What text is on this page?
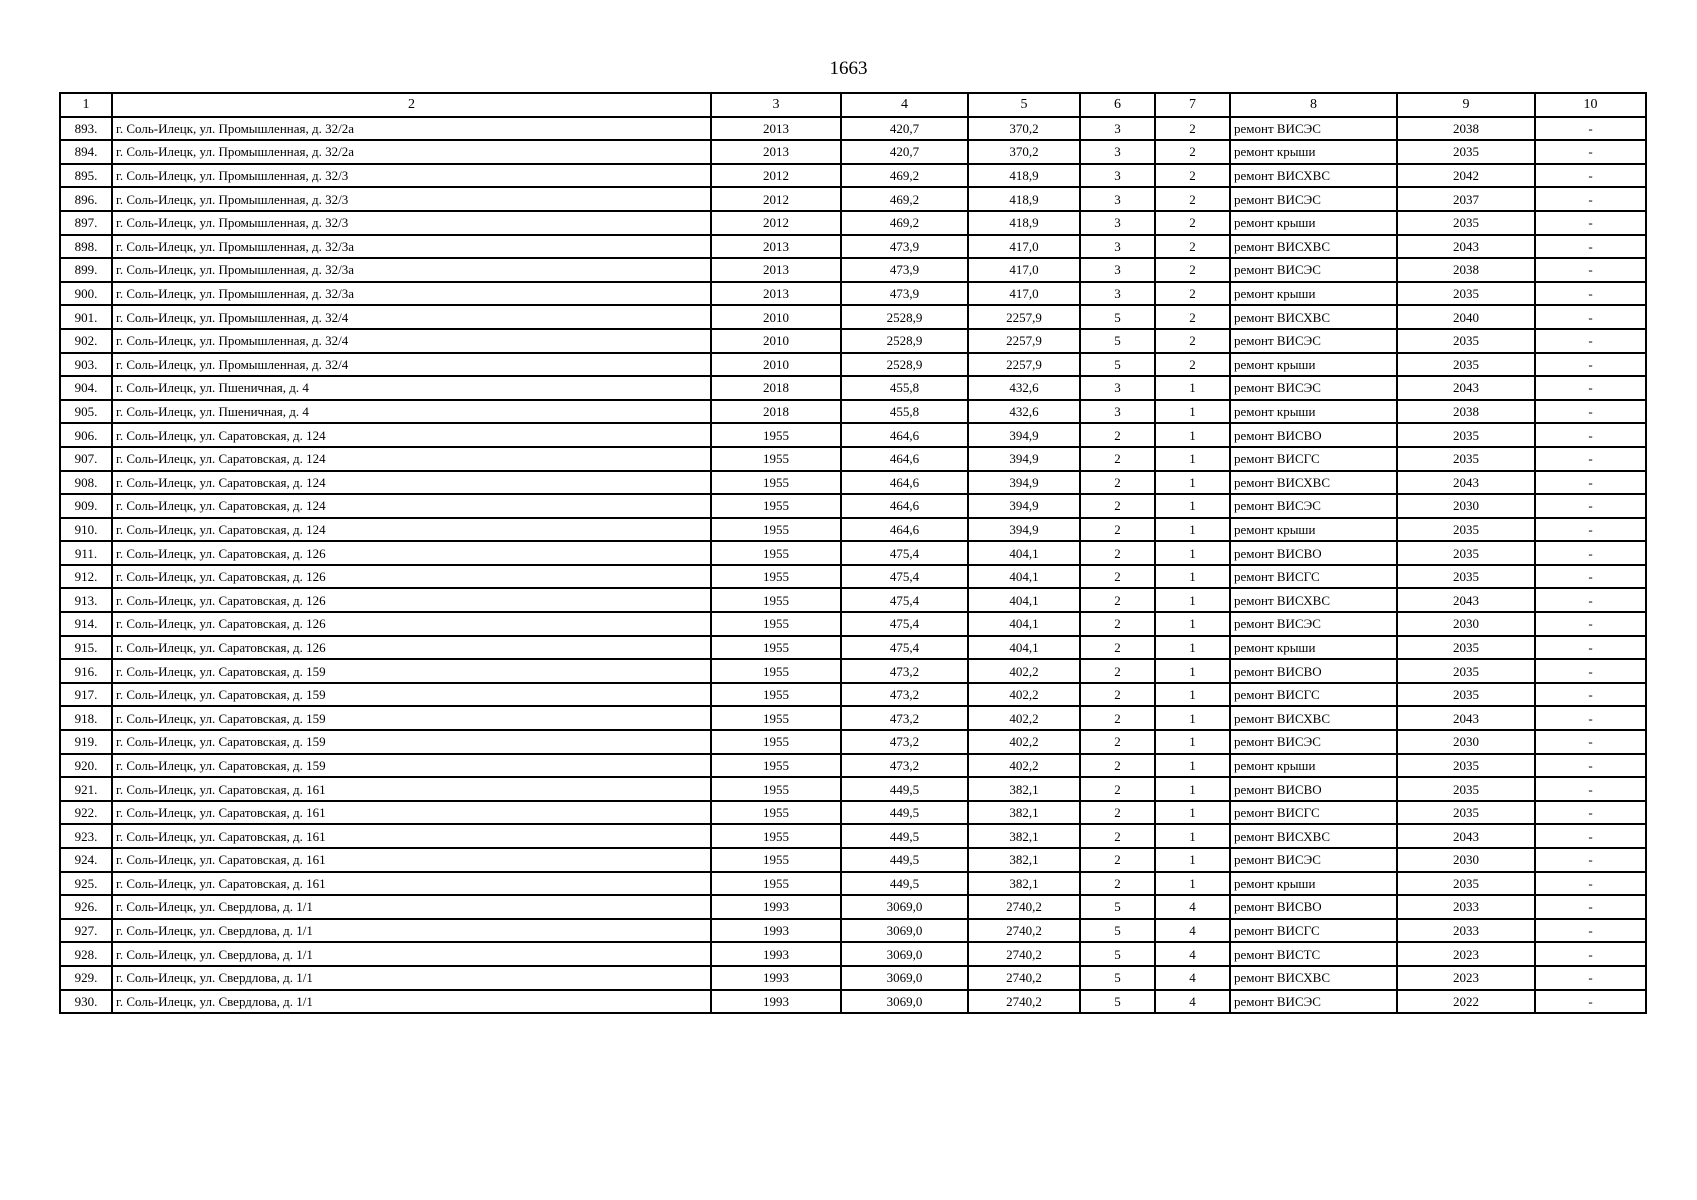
1663
1	2	3	4	5	6	7	8	9	10
893.	г. Соль-Илецк, ул. Промышленная, д. 32/2а	2013	420,7	370,2	3	2	ремонт ВИСЭС	2038	-
894.	г. Соль-Илецк, ул. Промышленная, д. 32/2а	2013	420,7	370,2	3	2	ремонт крыши	2035	-
895.	г. Соль-Илецк, ул. Промышленная, д. 32/3	2012	469,2	418,9	3	2	ремонт ВИСХВС	2042	-
896.	г. Соль-Илецк, ул. Промышленная, д. 32/3	2012	469,2	418,9	3	2	ремонт ВИСЭС	2037	-
897.	г. Соль-Илецк, ул. Промышленная, д. 32/3	2012	469,2	418,9	3	2	ремонт крыши	2035	-
898.	г. Соль-Илецк, ул. Промышленная, д. 32/3а	2013	473,9	417,0	3	2	ремонт ВИСХВС	2043	-
899.	г. Соль-Илецк, ул. Промышленная, д. 32/3а	2013	473,9	417,0	3	2	ремонт ВИСЭС	2038	-
900.	г. Соль-Илецк, ул. Промышленная, д. 32/3а	2013	473,9	417,0	3	2	ремонт крыши	2035	-
901.	г. Соль-Илецк, ул. Промышленная, д. 32/4	2010	2528,9	2257,9	5	2	ремонт ВИСХВС	2040	-
902.	г. Соль-Илецк, ул. Промышленная, д. 32/4	2010	2528,9	2257,9	5	2	ремонт ВИСЭС	2035	-
903.	г. Соль-Илецк, ул. Промышленная, д. 32/4	2010	2528,9	2257,9	5	2	ремонт крыши	2035	-
904.	г. Соль-Илецк, ул. Пшеничная, д. 4	2018	455,8	432,6	3	1	ремонт ВИСЭС	2043	-
905.	г. Соль-Илецк, ул. Пшеничная, д. 4	2018	455,8	432,6	3	1	ремонт крыши	2038	-
906.	г. Соль-Илецк, ул. Саратовская, д. 124	1955	464,6	394,9	2	1	ремонт ВИСВО	2035	-
907.	г. Соль-Илецк, ул. Саратовская, д. 124	1955	464,6	394,9	2	1	ремонт ВИСГС	2035	-
908.	г. Соль-Илецк, ул. Саратовская, д. 124	1955	464,6	394,9	2	1	ремонт ВИСХВС	2043	-
909.	г. Соль-Илецк, ул. Саратовская, д. 124	1955	464,6	394,9	2	1	ремонт ВИСЭС	2030	-
910.	г. Соль-Илецк, ул. Саратовская, д. 124	1955	464,6	394,9	2	1	ремонт крыши	2035	-
911.	г. Соль-Илецк, ул. Саратовская, д. 126	1955	475,4	404,1	2	1	ремонт ВИСВО	2035	-
912.	г. Соль-Илецк, ул. Саратовская, д. 126	1955	475,4	404,1	2	1	ремонт ВИСГС	2035	-
913.	г. Соль-Илецк, ул. Саратовская, д. 126	1955	475,4	404,1	2	1	ремонт ВИСХВС	2043	-
914.	г. Соль-Илецк, ул. Саратовская, д. 126	1955	475,4	404,1	2	1	ремонт ВИСЭС	2030	-
915.	г. Соль-Илецк, ул. Саратовская, д. 126	1955	475,4	404,1	2	1	ремонт крыши	2035	-
916.	г. Соль-Илецк, ул. Саратовская, д. 159	1955	473,2	402,2	2	1	ремонт ВИСВО	2035	-
917.	г. Соль-Илецк, ул. Саратовская, д. 159	1955	473,2	402,2	2	1	ремонт ВИСГС	2035	-
918.	г. Соль-Илецк, ул. Саратовская, д. 159	1955	473,2	402,2	2	1	ремонт ВИСХВС	2043	-
919.	г. Соль-Илецк, ул. Саратовская, д. 159	1955	473,2	402,2	2	1	ремонт ВИСЭС	2030	-
920.	г. Соль-Илецк, ул. Саратовская, д. 159	1955	473,2	402,2	2	1	ремонт крыши	2035	-
921.	г. Соль-Илецк, ул. Саратовская, д. 161	1955	449,5	382,1	2	1	ремонт ВИСВО	2035	-
922.	г. Соль-Илецк, ул. Саратовская, д. 161	1955	449,5	382,1	2	1	ремонт ВИСГС	2035	-
923.	г. Соль-Илецк, ул. Саратовская, д. 161	1955	449,5	382,1	2	1	ремонт ВИСХВС	2043	-
924.	г. Соль-Илецк, ул. Саратовская, д. 161	1955	449,5	382,1	2	1	ремонт ВИСЭС	2030	-
925.	г. Соль-Илецк, ул. Саратовская, д. 161	1955	449,5	382,1	2	1	ремонт крыши	2035	-
926.	г. Соль-Илецк, ул. Свердлова, д. 1/1	1993	3069,0	2740,2	5	4	ремонт ВИСВО	2033	-
927.	г. Соль-Илецк, ул. Свердлова, д. 1/1	1993	3069,0	2740,2	5	4	ремонт ВИСГС	2033	-
928.	г. Соль-Илецк, ул. Свердлова, д. 1/1	1993	3069,0	2740,2	5	4	ремонт ВИСТС	2023	-
929.	г. Соль-Илецк, ул. Свердлова, д. 1/1	1993	3069,0	2740,2	5	4	ремонт ВИСХВС	2023	-
930.	г. Соль-Илецк, ул. Свердлова, д. 1/1	1993	3069,0	2740,2	5	4	ремонт ВИСЭС	2022	-
